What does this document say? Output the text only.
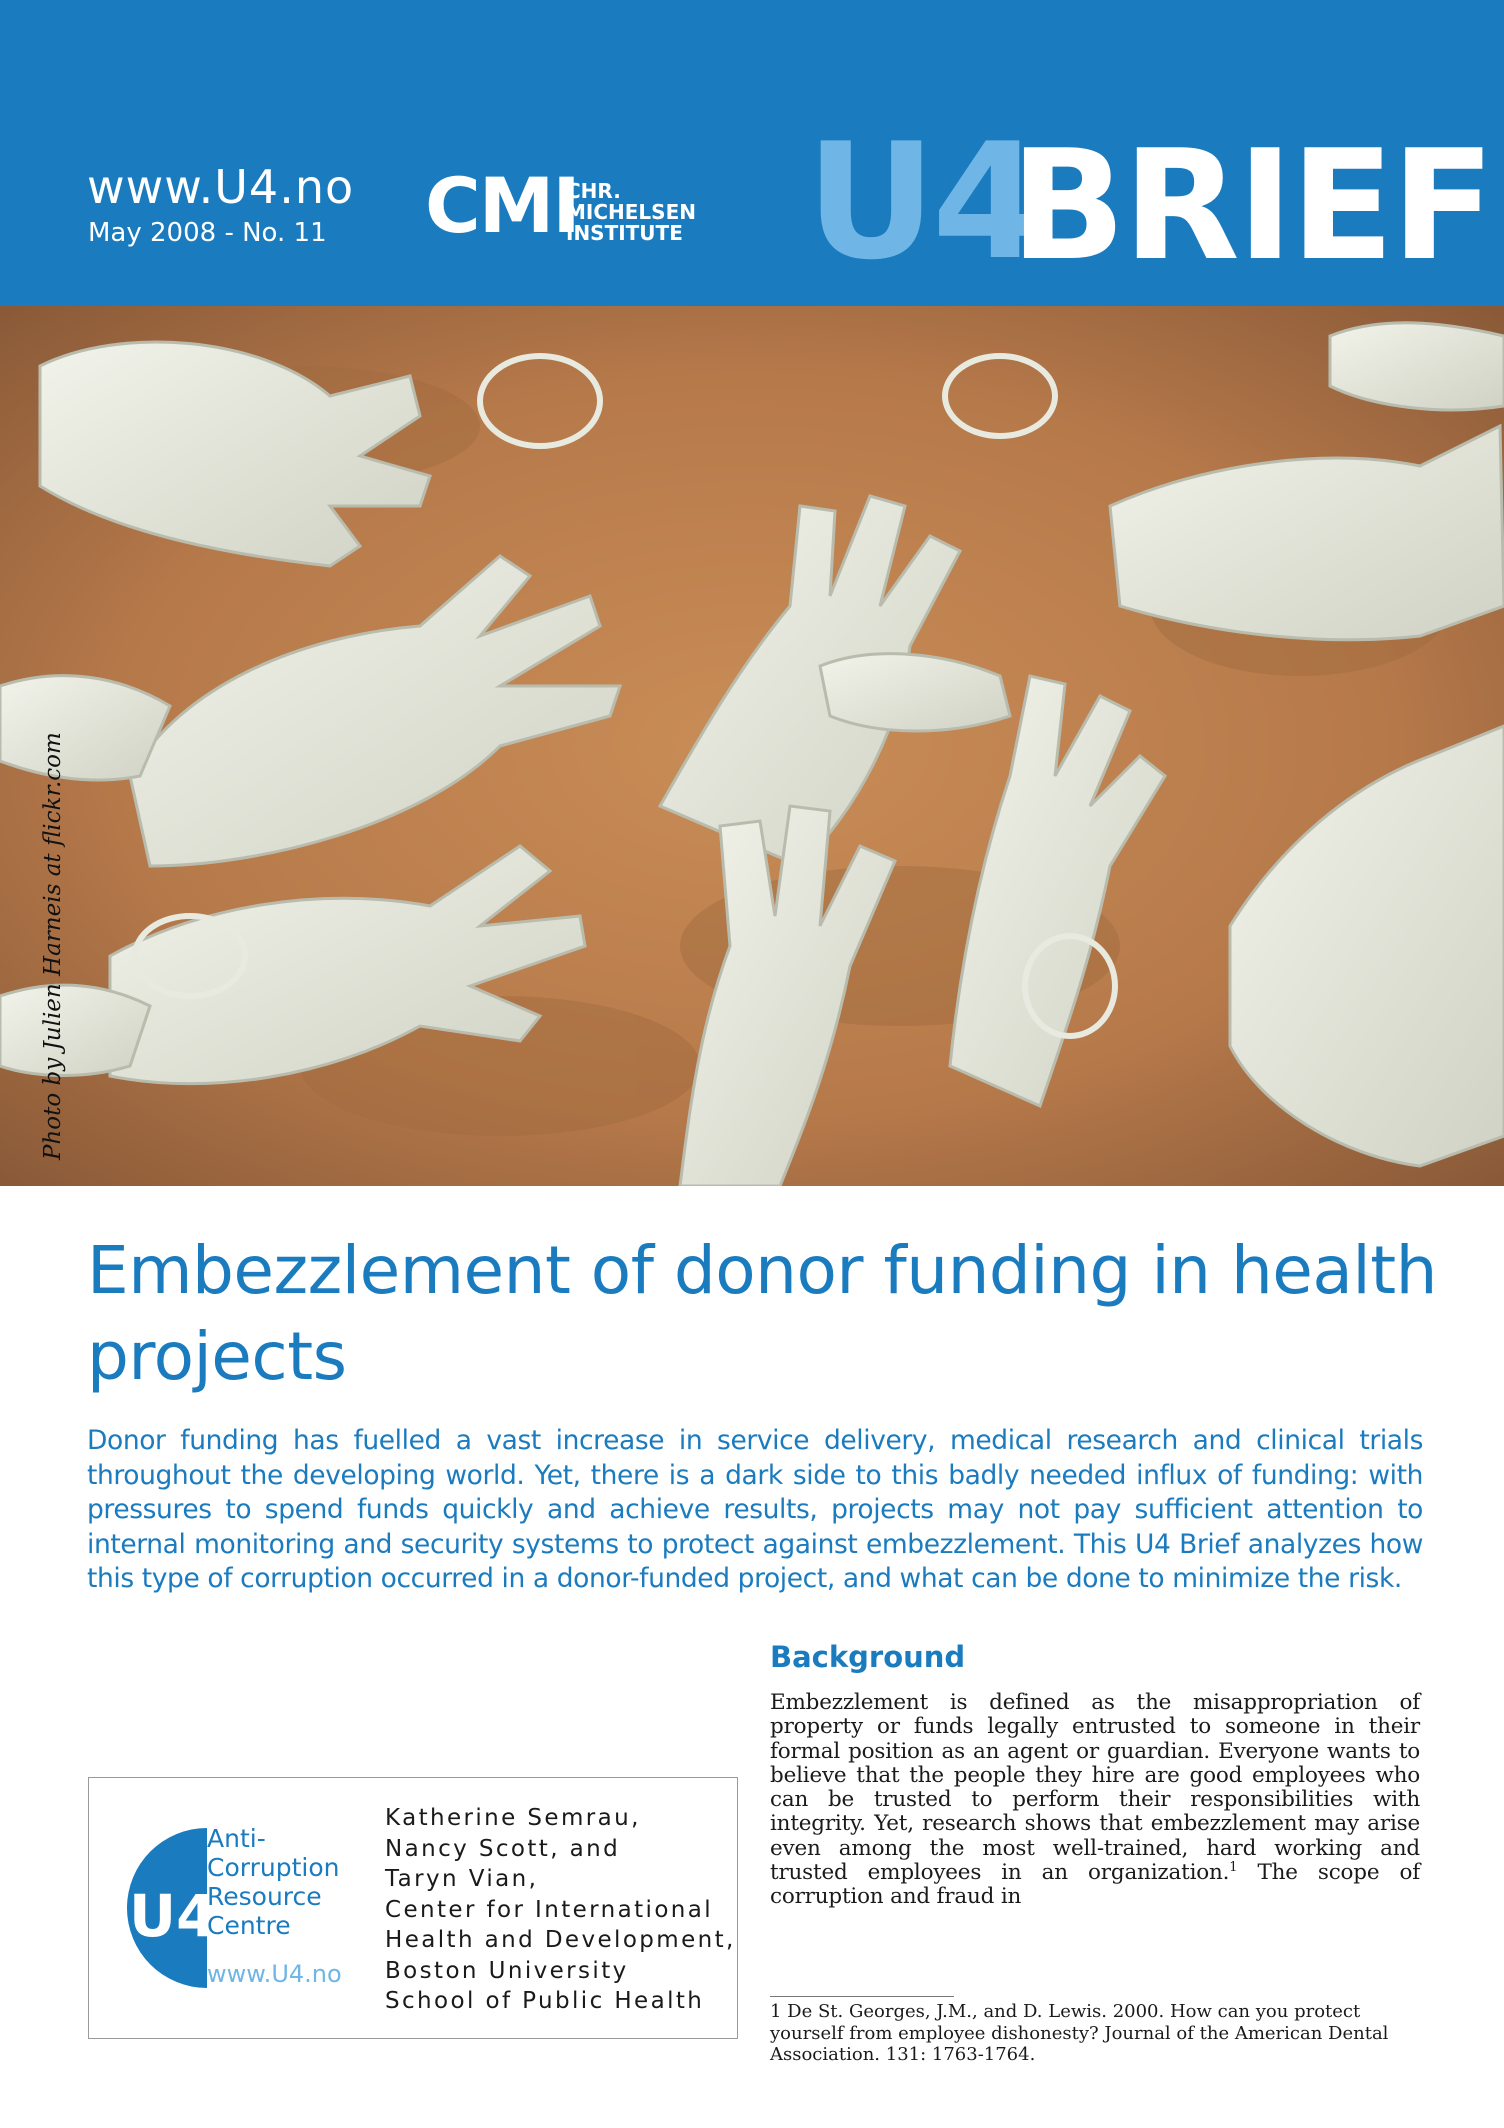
www.U4.no
May 2008 - No. 11 CMI
CHR.
MICHELSEN
INSTITUTE U4
BRIEF
Photo by Julien Harneis at flickr.com
Embezzlement of donor funding in health projects

Donor funding has fuelled a vast increase in service delivery, medical research and clinical trials throughout the developing world. Yet, there is a dark side to this badly needed influx of funding: with pressures to spend funds quickly and achieve results, projects may not pay sufficient attention to internal monitoring and security systems to protect against embezzlement. This U4 Brief analyzes how this type of corruption occurred in a donor-funded project, and what can be done to minimize the risk.

U4
Anti-
Corruption
Resource
Centre
www.U4.no
Katherine Semrau,
Nancy Scott, and
Taryn Vian,
Center for International
Health and Development,
Boston University
School of Public Health
Background

Embezzlement is defined as the misappropriation of property or funds legally entrusted to someone in their formal position as an agent or guardian. Everyone wants to believe that the people they hire are good employees who can be trusted to perform their responsibilities with integrity. Yet, research shows that embezzlement may arise even among the most well-trained, hard working and trusted employees in an organization.$^1$ The scope of corruption and fraud in

1 De St. Georges, J.M., and D. Lewis. 2000. How can you protect yourself from employee dishonesty? Journal of the American Dental Association. 131: 1763-1764.
